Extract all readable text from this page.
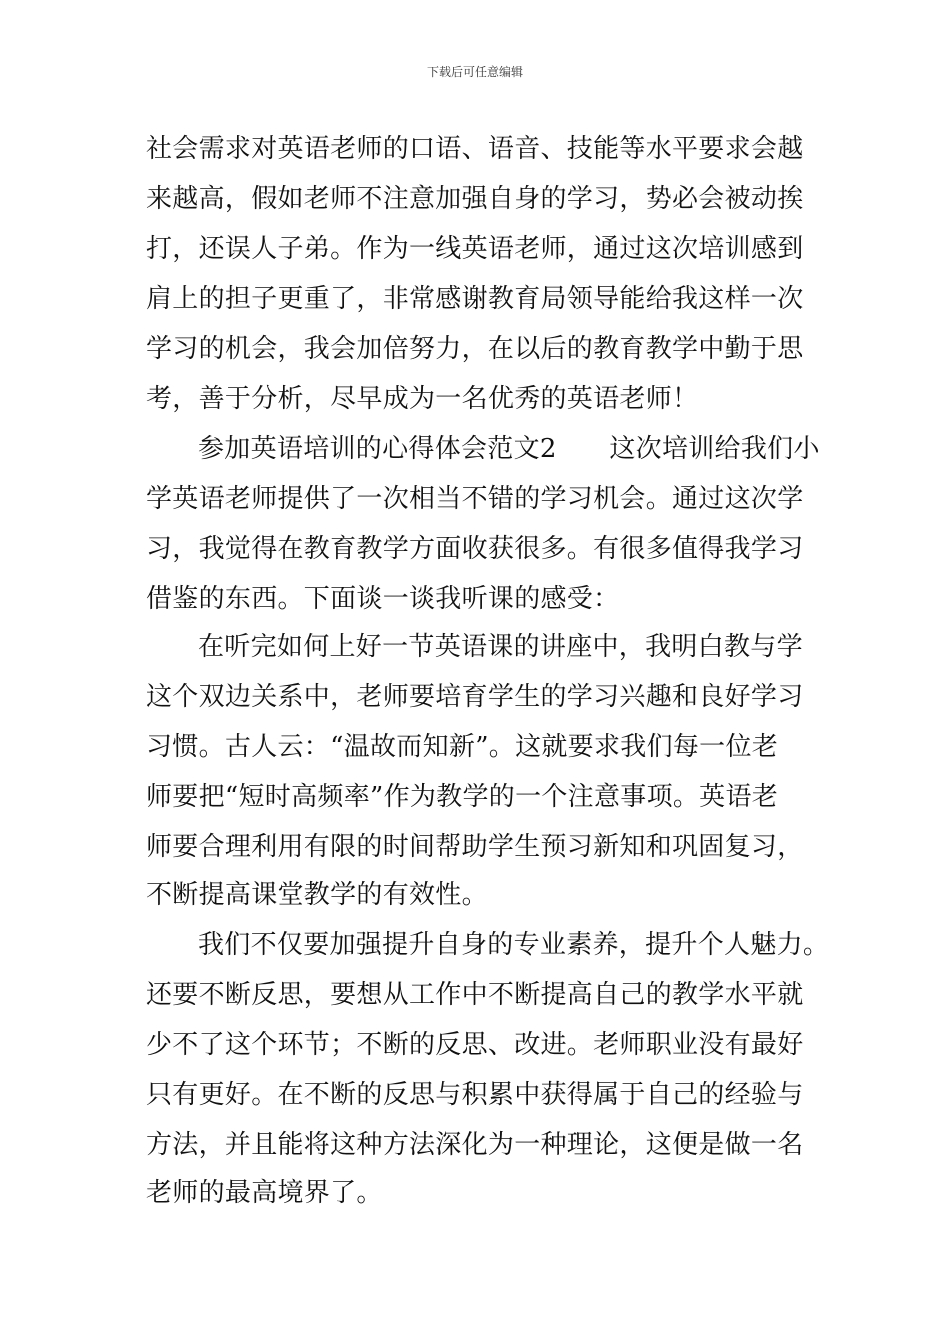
下载后可任意编辑
社会需求对英语老师的口语、语音、技能等水平要求会越
来越高，假如老师不注意加强自身的学习，势必会被动挨
打，还误人子弟。作为一线英语老师，通过这次培训感到
肩上的担子更重了，非常感谢教育局领导能给我这样一次
学习的机会，我会加倍努力，在以后的教育教学中勤于思
考，善于分析，尽早成为一名优秀的英语老师！
参加英语培训的心得体会范文2　　这次培训给我们小
学英语老师提供了一次相当不错的学习机会。通过这次学
习，我觉得在教育教学方面收获很多。有很多值得我学习
借鉴的东西。下面谈一谈我听课的感受：
在听完如何上好一节英语课的讲座中，我明白教与学
这个双边关系中，老师要培育学生的学习兴趣和良好学习
习惯。古人云：“温故而知新”。这就要求我们每一位老
师要把“短时高频率”作为教学的一个注意事项。英语老
师要合理利用有限的时间帮助学生预习新知和巩固复习，
不断提高课堂教学的有效性。
我们不仅要加强提升自身的专业素养，提升个人魅力。
还要不断反思，要想从工作中不断提高自己的教学水平就
少不了这个环节；不断的反思、改进。老师职业没有最好
只有更好。在不断的反思与积累中获得属于自己的经验与
方法，并且能将这种方法深化为一种理论，这便是做一名
老师的最高境界了。
